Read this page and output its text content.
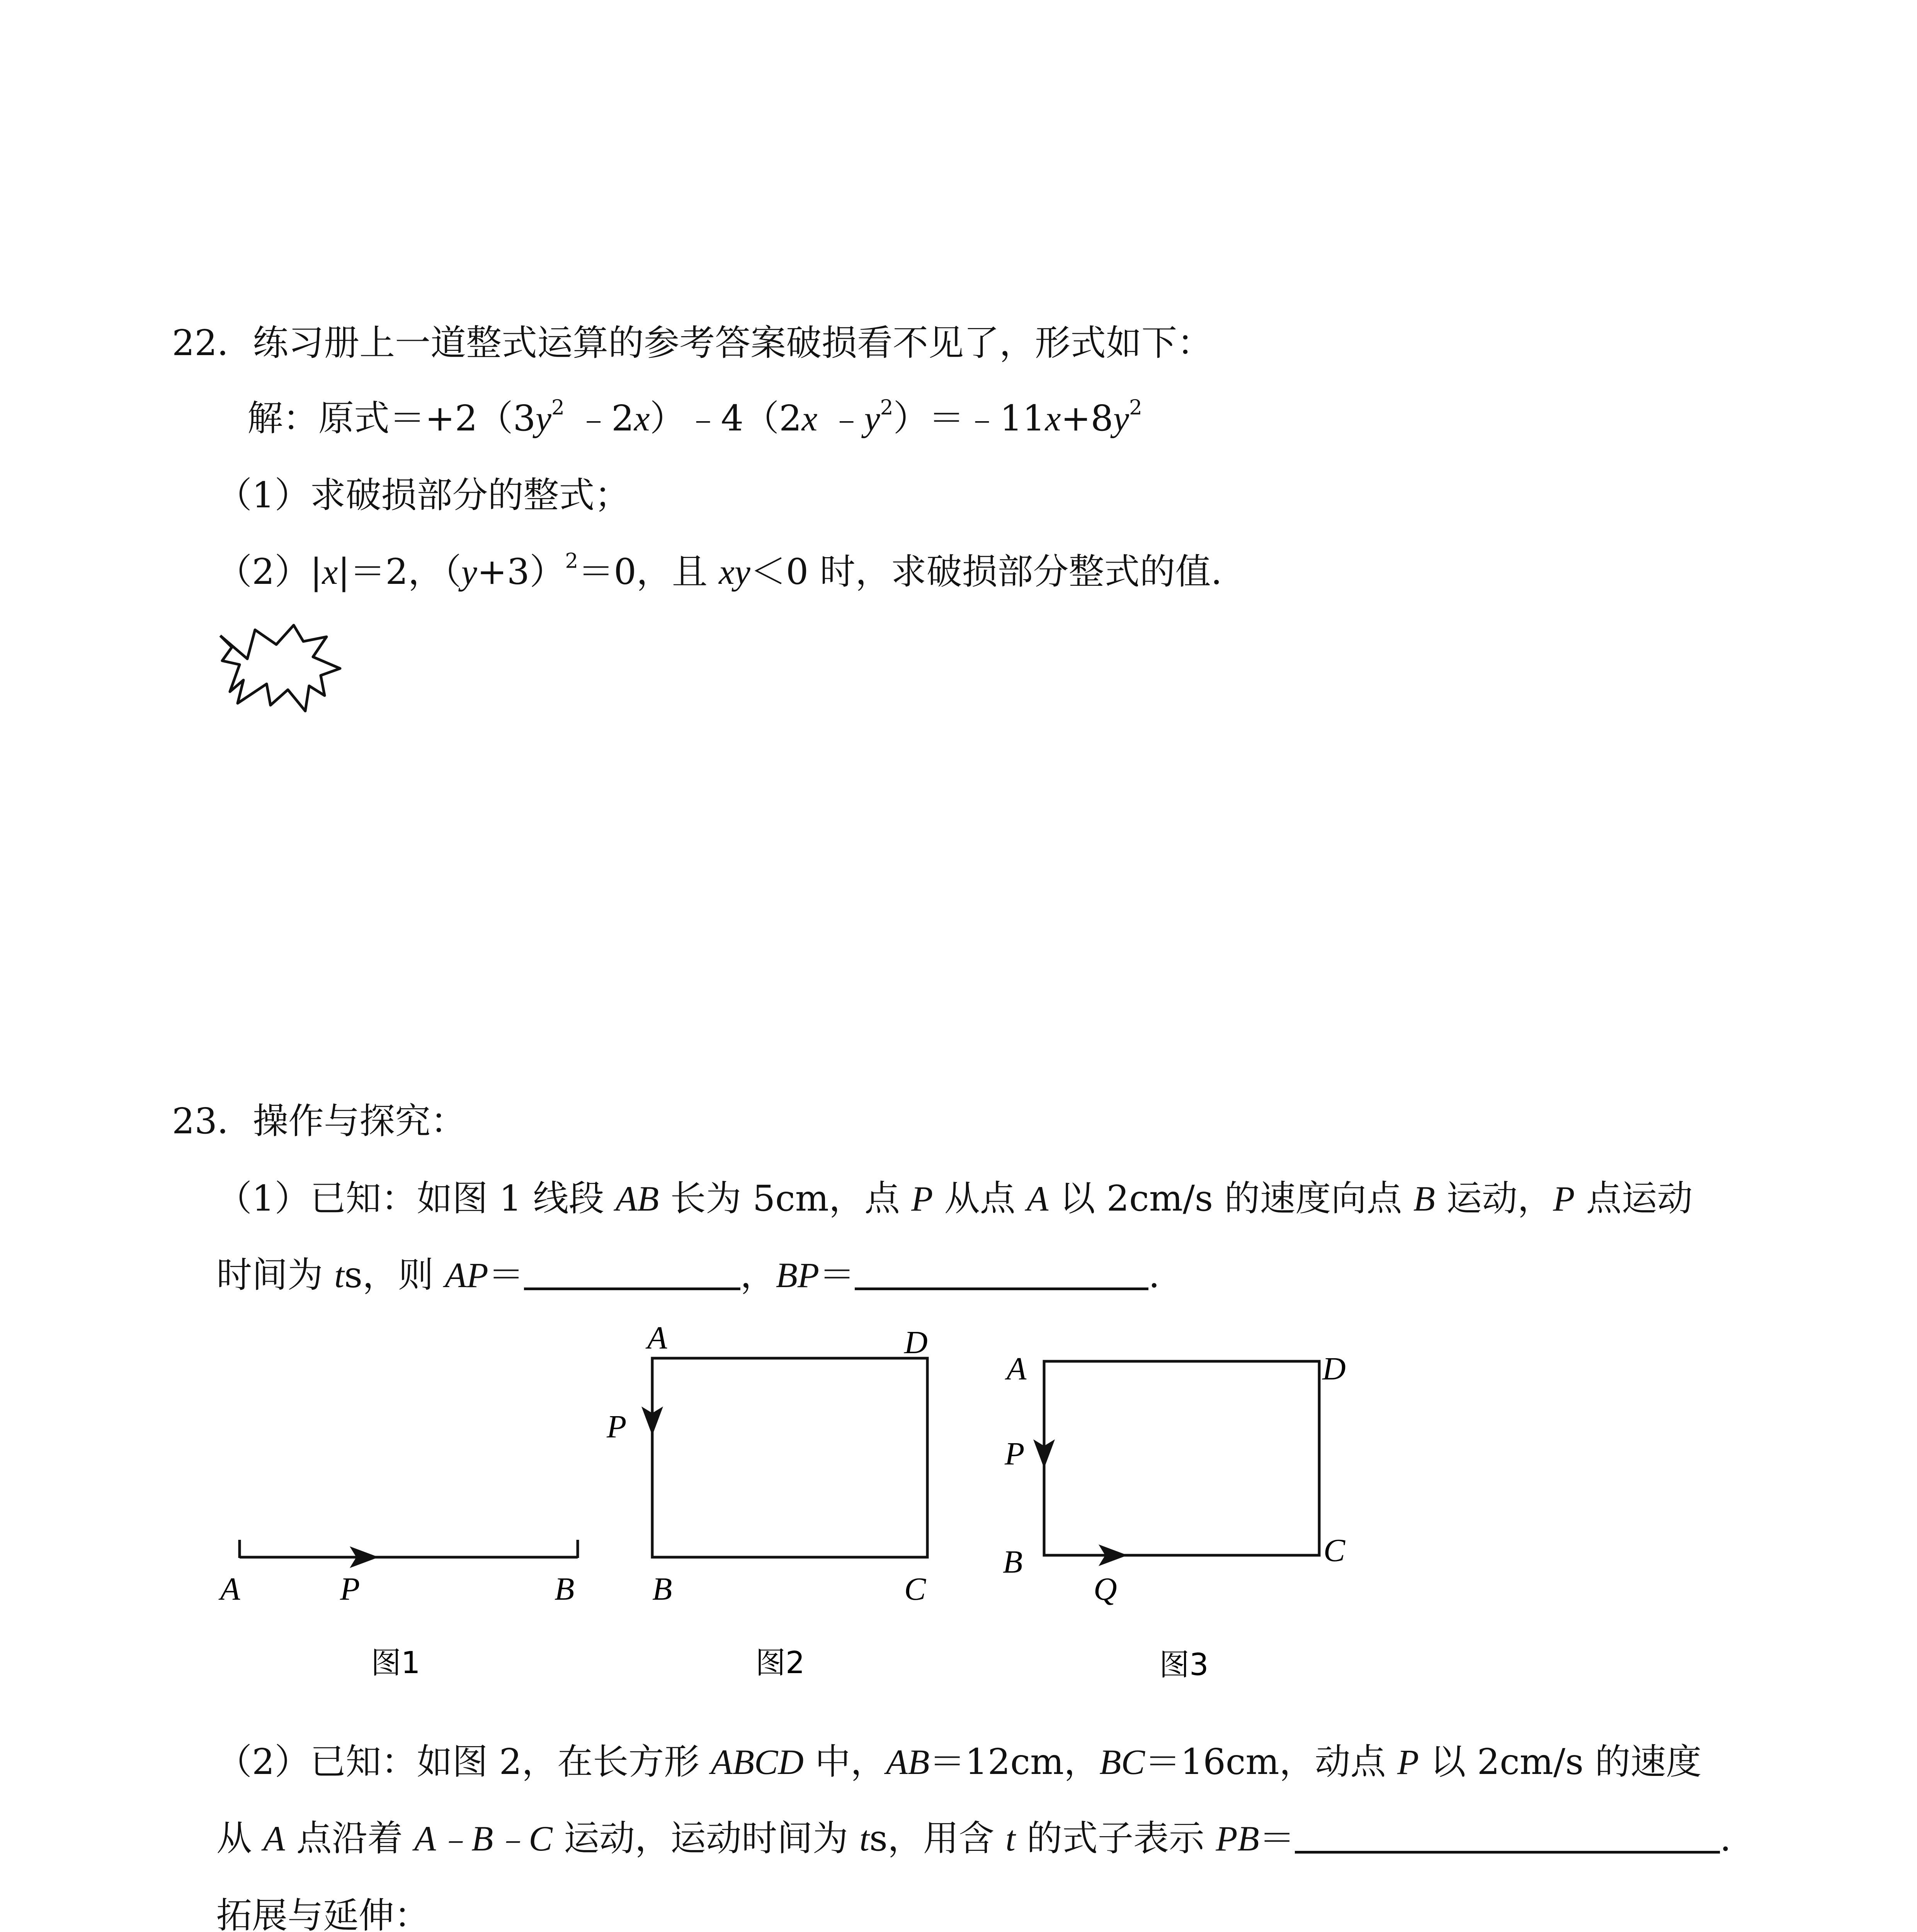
22．练习册上一道整式运算的参考答案破损看不见了，形式如下：
解：原式$=+2(3y^2$ ﹣2x）﹣4（2x $﹣y^2)=﹣11x+8y^2$
（1）求破损部分的整式；
（2）|x|＝2，$(y+3)^2=0$，且 xy＜0 时，求破损部分整式的值.
23．操作与探究：
（1）已知：如图 1 线段 AB 长为 5cm，点 P 从点 A 以 2cm/s 的速度向点 B 运动，P 点运动
时间为 ts，则 AP＝	，BP＝	.
A	P	B
图1
A	D
P
B	C
图2
A	D
P
B	C
Q
图3
（2）已知：如图 2，在长方形 ABCD 中，AB＝12cm，BC＝16cm，动点 P 以 2cm/s 的速度
从 A 点沿着 A﹣B﹣C 运动，运动时间为 ts，用含 t 的式子表示 PB＝	.
拓展与延伸：
